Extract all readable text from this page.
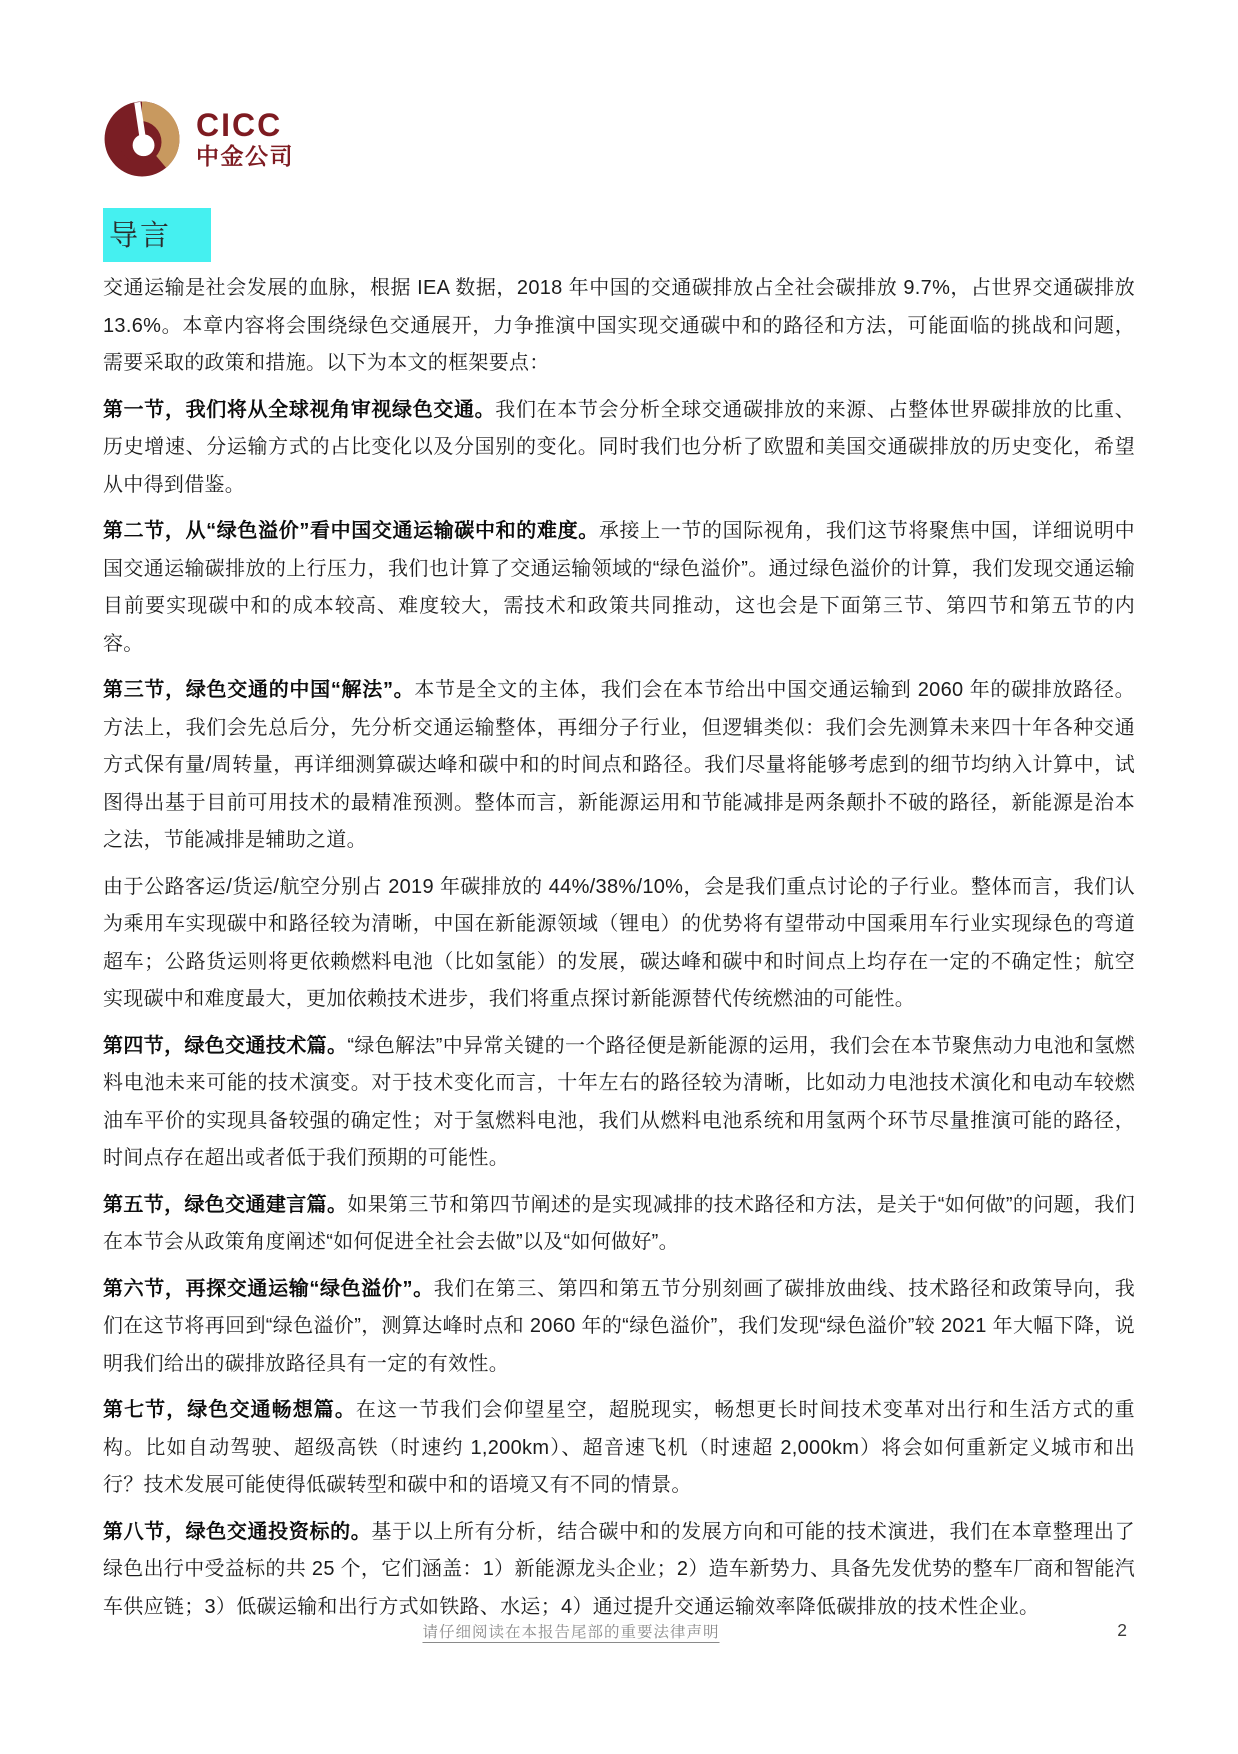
CICC
中金公司
导言

交通运输是社会发展的血脉，根据 IEA 数据，2018 年中国的交通碳排放占全社会碳排放 9.7%，占世界交通碳排放 13.6%。本章内容将会围绕绿色交通展开，力争推演中国实现交通碳中和的路径和方法，可能面临的挑战和问题，需要采取的政策和措施。以下为本文的框架要点：

第一节，我们将从全球视角审视绿色交通。我们在本节会分析全球交通碳排放的来源、占整体世界碳排放的比重、历史增速、分运输方式的占比变化以及分国别的变化。同时我们也分析了欧盟和美国交通碳排放的历史变化，希望从中得到借鉴。

第二节，从“绿色溢价”看中国交通运输碳中和的难度。承接上一节的国际视角，我们这节将聚焦中国，详细说明中国交通运输碳排放的上行压力，我们也计算了交通运输领域的“绿色溢价”。通过绿色溢价的计算，我们发现交通运输目前要实现碳中和的成本较高、难度较大，需技术和政策共同推动，这也会是下面第三节、第四节和第五节的内容。

第三节，绿色交通的中国“解法”。本节是全文的主体，我们会在本节给出中国交通运输到 2060 年的碳排放路径。方法上，我们会先总后分，先分析交通运输整体，再细分子行业，但逻辑类似：我们会先测算未来四十年各种交通方式保有量/周转量，再详细测算碳达峰和碳中和的时间点和路径。我们尽量将能够考虑到的细节均纳入计算中，试图得出基于目前可用技术的最精准预测。整体而言，新能源运用和节能减排是两条颠扑不破的路径，新能源是治本之法，节能减排是辅助之道。

由于公路客运/货运/航空分别占 2019 年碳排放的 44%/38%/10%，会是我们重点讨论的子行业。整体而言，我们认为乘用车实现碳中和路径较为清晰，中国在新能源领域（锂电）的优势将有望带动中国乘用车行业实现绿色的弯道超车；公路货运则将更依赖燃料电池（比如氢能）的发展，碳达峰和碳中和时间点上均存在一定的不确定性；航空实现碳中和难度最大，更加依赖技术进步，我们将重点探讨新能源替代传统燃油的可能性。

第四节，绿色交通技术篇。“绿色解法”中异常关键的一个路径便是新能源的运用，我们会在本节聚焦动力电池和氢燃料电池未来可能的技术演变。对于技术变化而言，十年左右的路径较为清晰，比如动力电池技术演化和电动车较燃油车平价的实现具备较强的确定性；对于氢燃料电池，我们从燃料电池系统和用氢两个环节尽量推演可能的路径，时间点存在超出或者低于我们预期的可能性。

第五节，绿色交通建言篇。如果第三节和第四节阐述的是实现减排的技术路径和方法，是关于“如何做”的问题，我们在本节会从政策角度阐述“如何促进全社会去做”以及“如何做好”。

第六节，再探交通运输“绿色溢价”。我们在第三、第四和第五节分别刻画了碳排放曲线、技术路径和政策导向，我们在这节将再回到“绿色溢价”，测算达峰时点和 2060 年的“绿色溢价”，我们发现“绿色溢价”较 2021 年大幅下降，说明我们给出的碳排放路径具有一定的有效性。

第七节，绿色交通畅想篇。在这一节我们会仰望星空，超脱现实，畅想更长时间技术变革对出行和生活方式的重构。比如自动驾驶、超级高铁（时速约 1,200km）、超音速飞机（时速超 2,000km）将会如何重新定义城市和出行？技术发展可能使得低碳转型和碳中和的语境又有不同的情景。

第八节，绿色交通投资标的。基于以上所有分析，结合碳中和的发展方向和可能的技术演进，我们在本章整理出了绿色出行中受益标的共 25 个，它们涵盖：1）新能源龙头企业；2）造车新势力、具备先发优势的整车厂商和智能汽车供应链；3）低碳运输和出行方式如铁路、水运；4）通过提升交通运输效率降低碳排放的技术性企业。

请仔细阅读在本报告尾部的重要法律声明	2
